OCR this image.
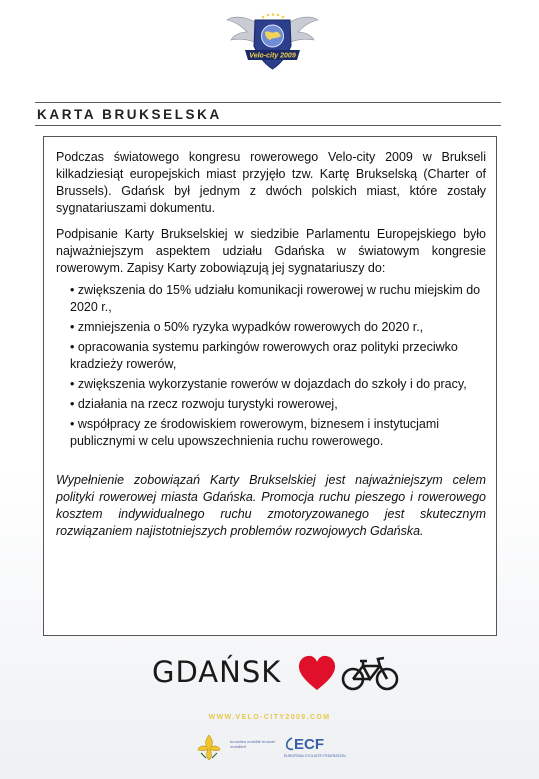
Velo-city 2009
KARTA BRUKSELSKA

Podczas światowego kongresu rowerowego Velo-city 2009 w Brukseli kilkadziesiąt europejskich miast przyjęło tzw. Kartę Brukselską (Charter of Brussels). Gdańsk był jednym z dwóch polskich miast, które zostały sygnatariuszami dokumentu.

Podpisanie Karty Brukselskiej w siedzibie Parlamentu Europejskiego było najważniejszym aspektem udziału Gdańska w światowym kongresie rowerowym. Zapisy Karty zobowiązują jej sygnatariuszy do:

• zwiększenia do 15% udziału komunikacji rowerowej w ruchu miejskim do 2020 r.,
• zmniejszenia o 50% ryzyka wypadków rowerowych do 2020 r.,
• opracowania systemu parkingów rowerowych oraz polityki przeciwko kradzieży rowerów,
• zwiększenia wykorzystanie rowerów w dojazdach do szkoły i do pracy,
• działania na rzecz rozwoju turystyki rowerowej,
• współpracy ze środowiskiem rowerowym, biznesem i instytucjami publicznymi w celu upowszechnienia ruchu rowerowego.

Wypełnienie zobowiązań Karty Brukselskiej jest najważniejszym celem polityki rowerowej miasta Gdańska. Promocja ruchu pieszego i rowerowego kosztem indywidualnego ruchu zmotoryzowanego jest skutecznym rozwiązaniem najistotniejszych problemów rozwojowych Gdańska.

GDAŃSK
WWW.VELO-CITY2009.COM
bruxelles mobilité brussel mobiliteit	ECF
EUROPEAN CYCLISTS' FEDERATION
